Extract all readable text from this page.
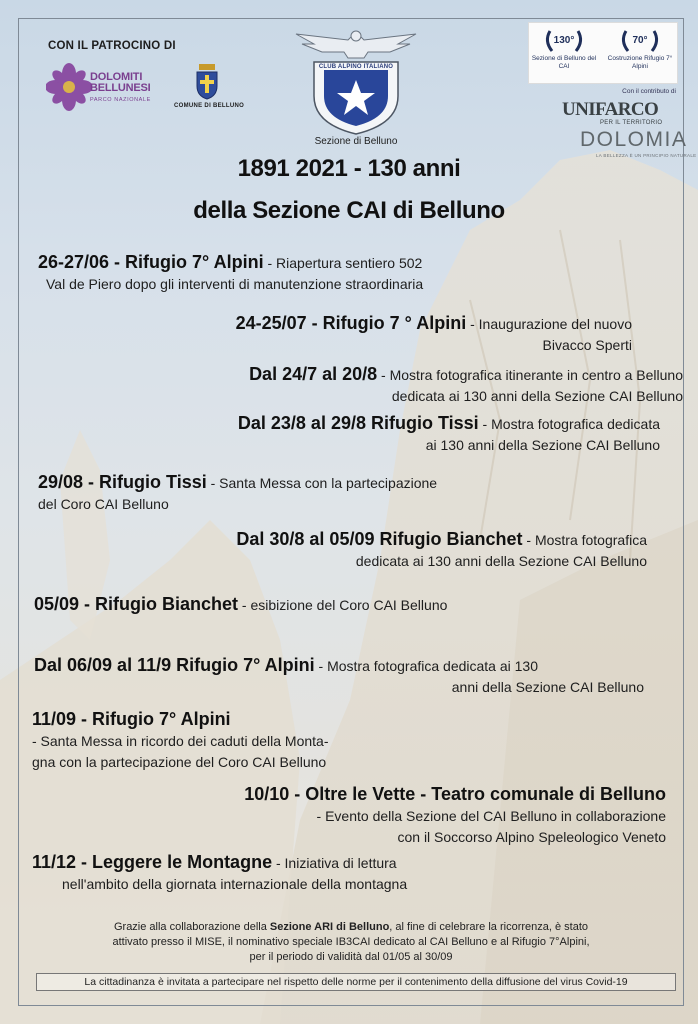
CON IL PATROCINO DI
DOLOMITI
BELLUNESI
PARCO NAZIONALE
COMUNE DI BELLUNO
CLUB ALPINO ITALIANO
Sezione di Belluno
130°
Sezione di Belluno del CAI
70°
Costruzione Rifugio 7° Alpini
Con il contributo di
UNIFARCO
PER IL TERRITORIO
DOLOMIA
LA BELLEZZA È UN PRINCIPIO NATURALE
1891 2021 - 130 anni
della Sezione CAI di Belluno
26-27/06 - Rifugio 7° Alpini - Riapertura sentiero 502
Val de Piero dopo gli interventi di manutenzione straordinaria
24-25/07 - Rifugio 7 ° Alpini - Inaugurazione del nuovo
Bivacco Sperti
Dal 24/7 al 20/8 - Mostra fotografica itinerante in centro a Belluno
dedicata ai 130 anni della Sezione CAI Belluno
Dal 23/8 al 29/8 Rifugio Tissi - Mostra fotografica dedicata
ai 130 anni della Sezione CAI Belluno
29/08 - Rifugio Tissi - Santa Messa con la partecipazione
del Coro CAI Belluno
Dal 30/8 al 05/09 Rifugio Bianchet - Mostra fotografica
dedicata ai 130 anni della Sezione CAI Belluno
05/09 - Rifugio Bianchet - esibizione del Coro CAI Belluno
Dal 06/09 al 11/9 Rifugio 7° Alpini - Mostra fotografica dedicata ai 130
anni della Sezione CAI Belluno
11/09 - Rifugio 7° Alpini
- Santa Messa in ricordo dei caduti della Monta-
gna con la partecipazione del Coro CAI Belluno
10/10 - Oltre le Vette - Teatro comunale di Belluno
- Evento della Sezione del CAI Belluno in collaborazione
con il Soccorso Alpino Speleologico Veneto
11/12 - Leggere le Montagne - Iniziativa di lettura
nell'ambito della giornata internazionale della montagna
Grazie alla collaborazione della Sezione ARI di Belluno, al fine di celebrare la ricorrenza, è stato
attivato presso il MISE, il nominativo speciale IB3CAI dedicato al CAI Belluno e al Rifugio 7°Alpini,
per il periodo di validità dal 01/05 al 30/09
La cittadinanza è invitata a partecipare nel rispetto delle norme per il contenimento della diffusione del virus Covid-19
